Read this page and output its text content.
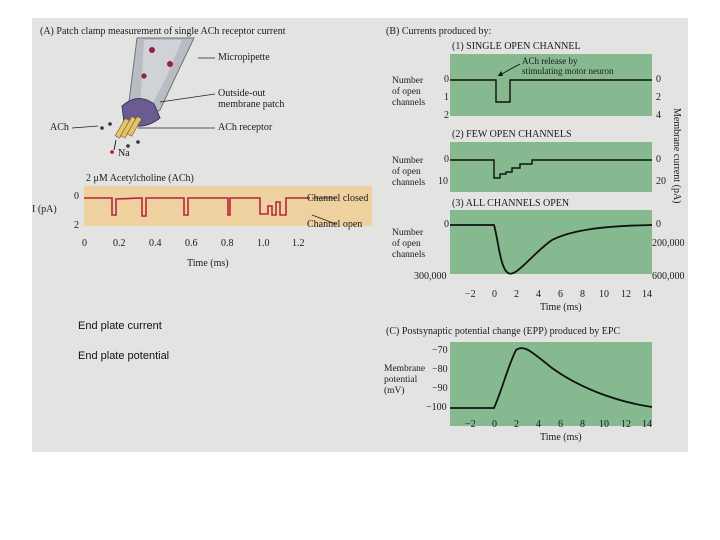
(A) Patch clamp measurement of single ACh receptor current
Micropipette
Outside-out
membrane patch
ACh receptor
ACh
Na
2 μM Acetylcholine (ACh)
I (pA)
0
2
0	0.2 0.4 0.6 0.8 1.0 1.2
Time (ms)
Channel closed
Channel open
(B) Currents produced by:
Membrane current (pA)
(1) SINGLE OPEN CHANNEL
ACh release by
stimulating motor neuron
Number
of open
channels
0
1
2
0
2
4
(2) FEW OPEN CHANNELS
Number
of open
channels
0
10
0
20
(3) ALL CHANNELS OPEN
Number
of open
channels
0
300,000
0
200,000
600,000
−2 0 2 4 6 8 10 12 14
Time (ms)
(C) Postsynaptic potential change (EPP) produced by EPC
Membrane
potential
(mV)
−70
−80
−90
−100
−2 0 2 4 6 8 10 12 14
Time (ms)
End plate current
End plate potential
